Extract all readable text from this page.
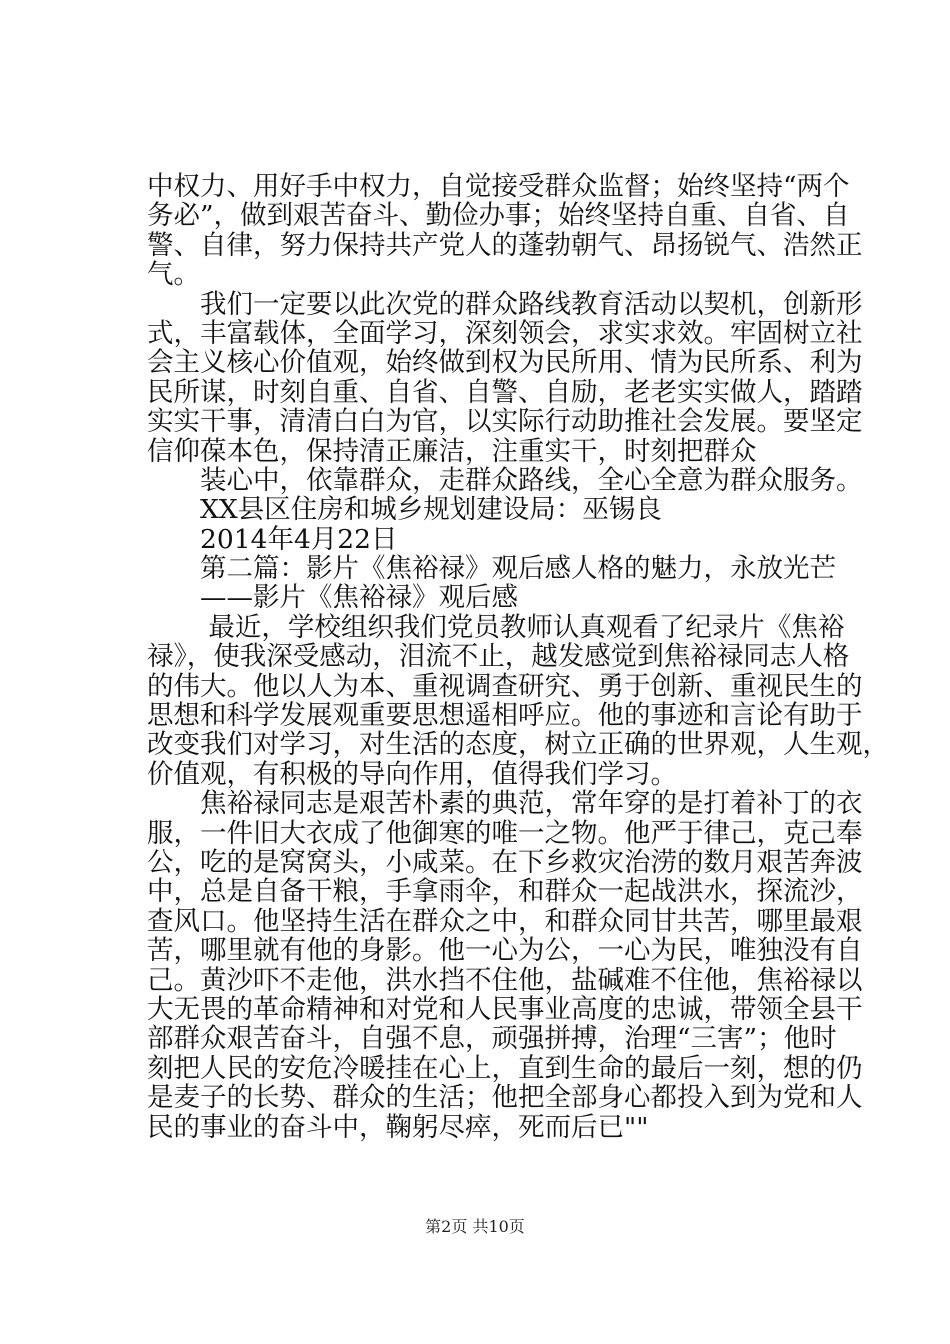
中权力、用好手中权力，自觉接受群众监督；始终坚持“两个
务必”，做到艰苦奋斗、勤俭办事；始终坚持自重、自省、自
警、自律，努力保持共产党人的蓬勃朝气、昂扬锐气、浩然正
气。
　　我们一定要以此次党的群众路线教育活动以契机，创新形
式，丰富载体，全面学习，深刻领会，求实求效。牢固树立社
会主义核心价值观，始终做到权为民所用、情为民所系、利为
民所谋，时刻自重、自省、自警、自励，老老实实做人，踏踏
实实干事，清清白白为官，以实际行动助推社会发展。要坚定
信仰葆本色，保持清正廉洁，注重实干，时刻把群众
　　装心中，依靠群众，走群众路线，全心全意为群众服务。
　　XX县区住房和城乡规划建设局：巫锡良
　　2014年4月22日
　　第二篇：影片《焦裕禄》观后感人格的魅力，永放光芒
　　——影片《焦裕禄》观后感
　　 最近，学校组织我们党员教师认真观看了纪录片《焦裕
禄》，使我深受感动，泪流不止，越发感觉到焦裕禄同志人格
的伟大。他以人为本、重视调查研究、勇于创新、重视民生的
思想和科学发展观重要思想遥相呼应。他的事迹和言论有助于
改变我们对学习，对生活的态度，树立正确的世界观，人生观，
价值观，有积极的导向作用，值得我们学习。
　　焦裕禄同志是艰苦朴素的典范，常年穿的是打着补丁的衣
服，一件旧大衣成了他御寒的唯一之物。他严于律己，克己奉
公，吃的是窝窝头，小咸菜。在下乡救灾治涝的数月艰苦奔波
中，总是自备干粮，手拿雨伞，和群众一起战洪水，探流沙，
查风口。他坚持生活在群众之中，和群众同甘共苦，哪里最艰
苦，哪里就有他的身影。他一心为公，一心为民，唯独没有自
己。黄沙吓不走他，洪水挡不住他，盐碱难不住他，焦裕禄以
大无畏的革命精神和对党和人民事业高度的忠诚，带领全县干
部群众艰苦奋斗，自强不息，顽强拼搏，治理“三害”；他时
刻把人民的安危冷暖挂在心上，直到生命的最后一刻，想的仍
是麦子的长势、群众的生活；他把全部身心都投入到为党和人
民的事业的奋斗中，鞠躬尽瘁，死而后已""
第2页 共10页
